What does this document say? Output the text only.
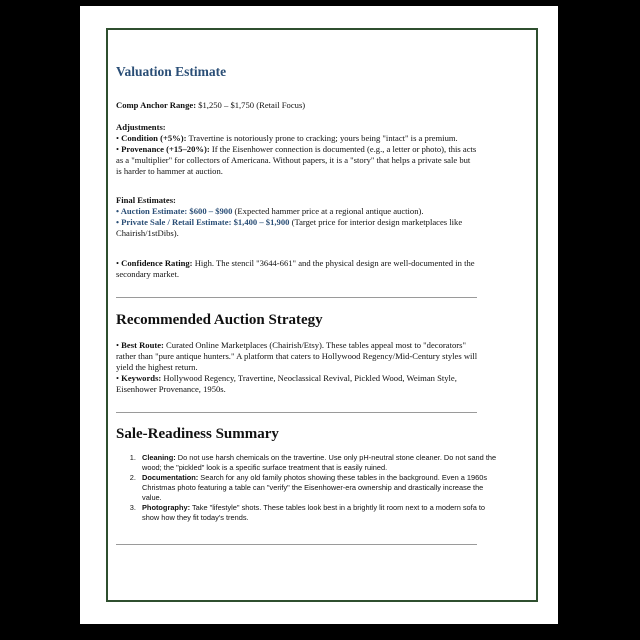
Valuation Estimate

Comp Anchor Range: $1,250 – $1,750 (Retail Focus)

Adjustments:

• Condition (+5%): Travertine is notoriously prone to cracking; yours being "intact" is a premium.

• Provenance (+15–20%): If the Eisenhower connection is documented (e.g., a letter or photo), this acts as a "multiplier" for collectors of Americana. Without papers, it is a "story" that helps a private sale but is harder to hammer at auction.

Final Estimates:

• Auction Estimate: $600 – $900 (Expected hammer price at a regional antique auction).

• Private Sale / Retail Estimate: $1,400 – $1,900 (Target price for interior design marketplaces like Chairish/1stDibs).

• Confidence Rating: High. The stencil "3644-661" and the physical design are well-documented in the secondary market.

Recommended Auction Strategy

• Best Route: Curated Online Marketplaces (Chairish/Etsy). These tables appeal most to "decorators" rather than "pure antique hunters." A platform that caters to Hollywood Regency/Mid-Century styles will yield the highest return.

• Keywords: Hollywood Regency, Travertine, Neoclassical Revival, Pickled Wood, Weiman Style, Eisenhower Provenance, 1950s.

Sale-Readiness Summary
1. Cleaning: Do not use harsh chemicals on the travertine. Use only pH-neutral stone cleaner. Do not sand the wood; the "pickled" look is a specific surface treatment that is easily ruined.
2. Documentation: Search for any old family photos showing these tables in the background. Even a 1960s Christmas photo featuring a table can "verify" the Eisenhower-era ownership and drastically increase the value.
3. Photography: Take "lifestyle" shots. These tables look best in a brightly lit room next to a modern sofa to show how they fit today's trends.
